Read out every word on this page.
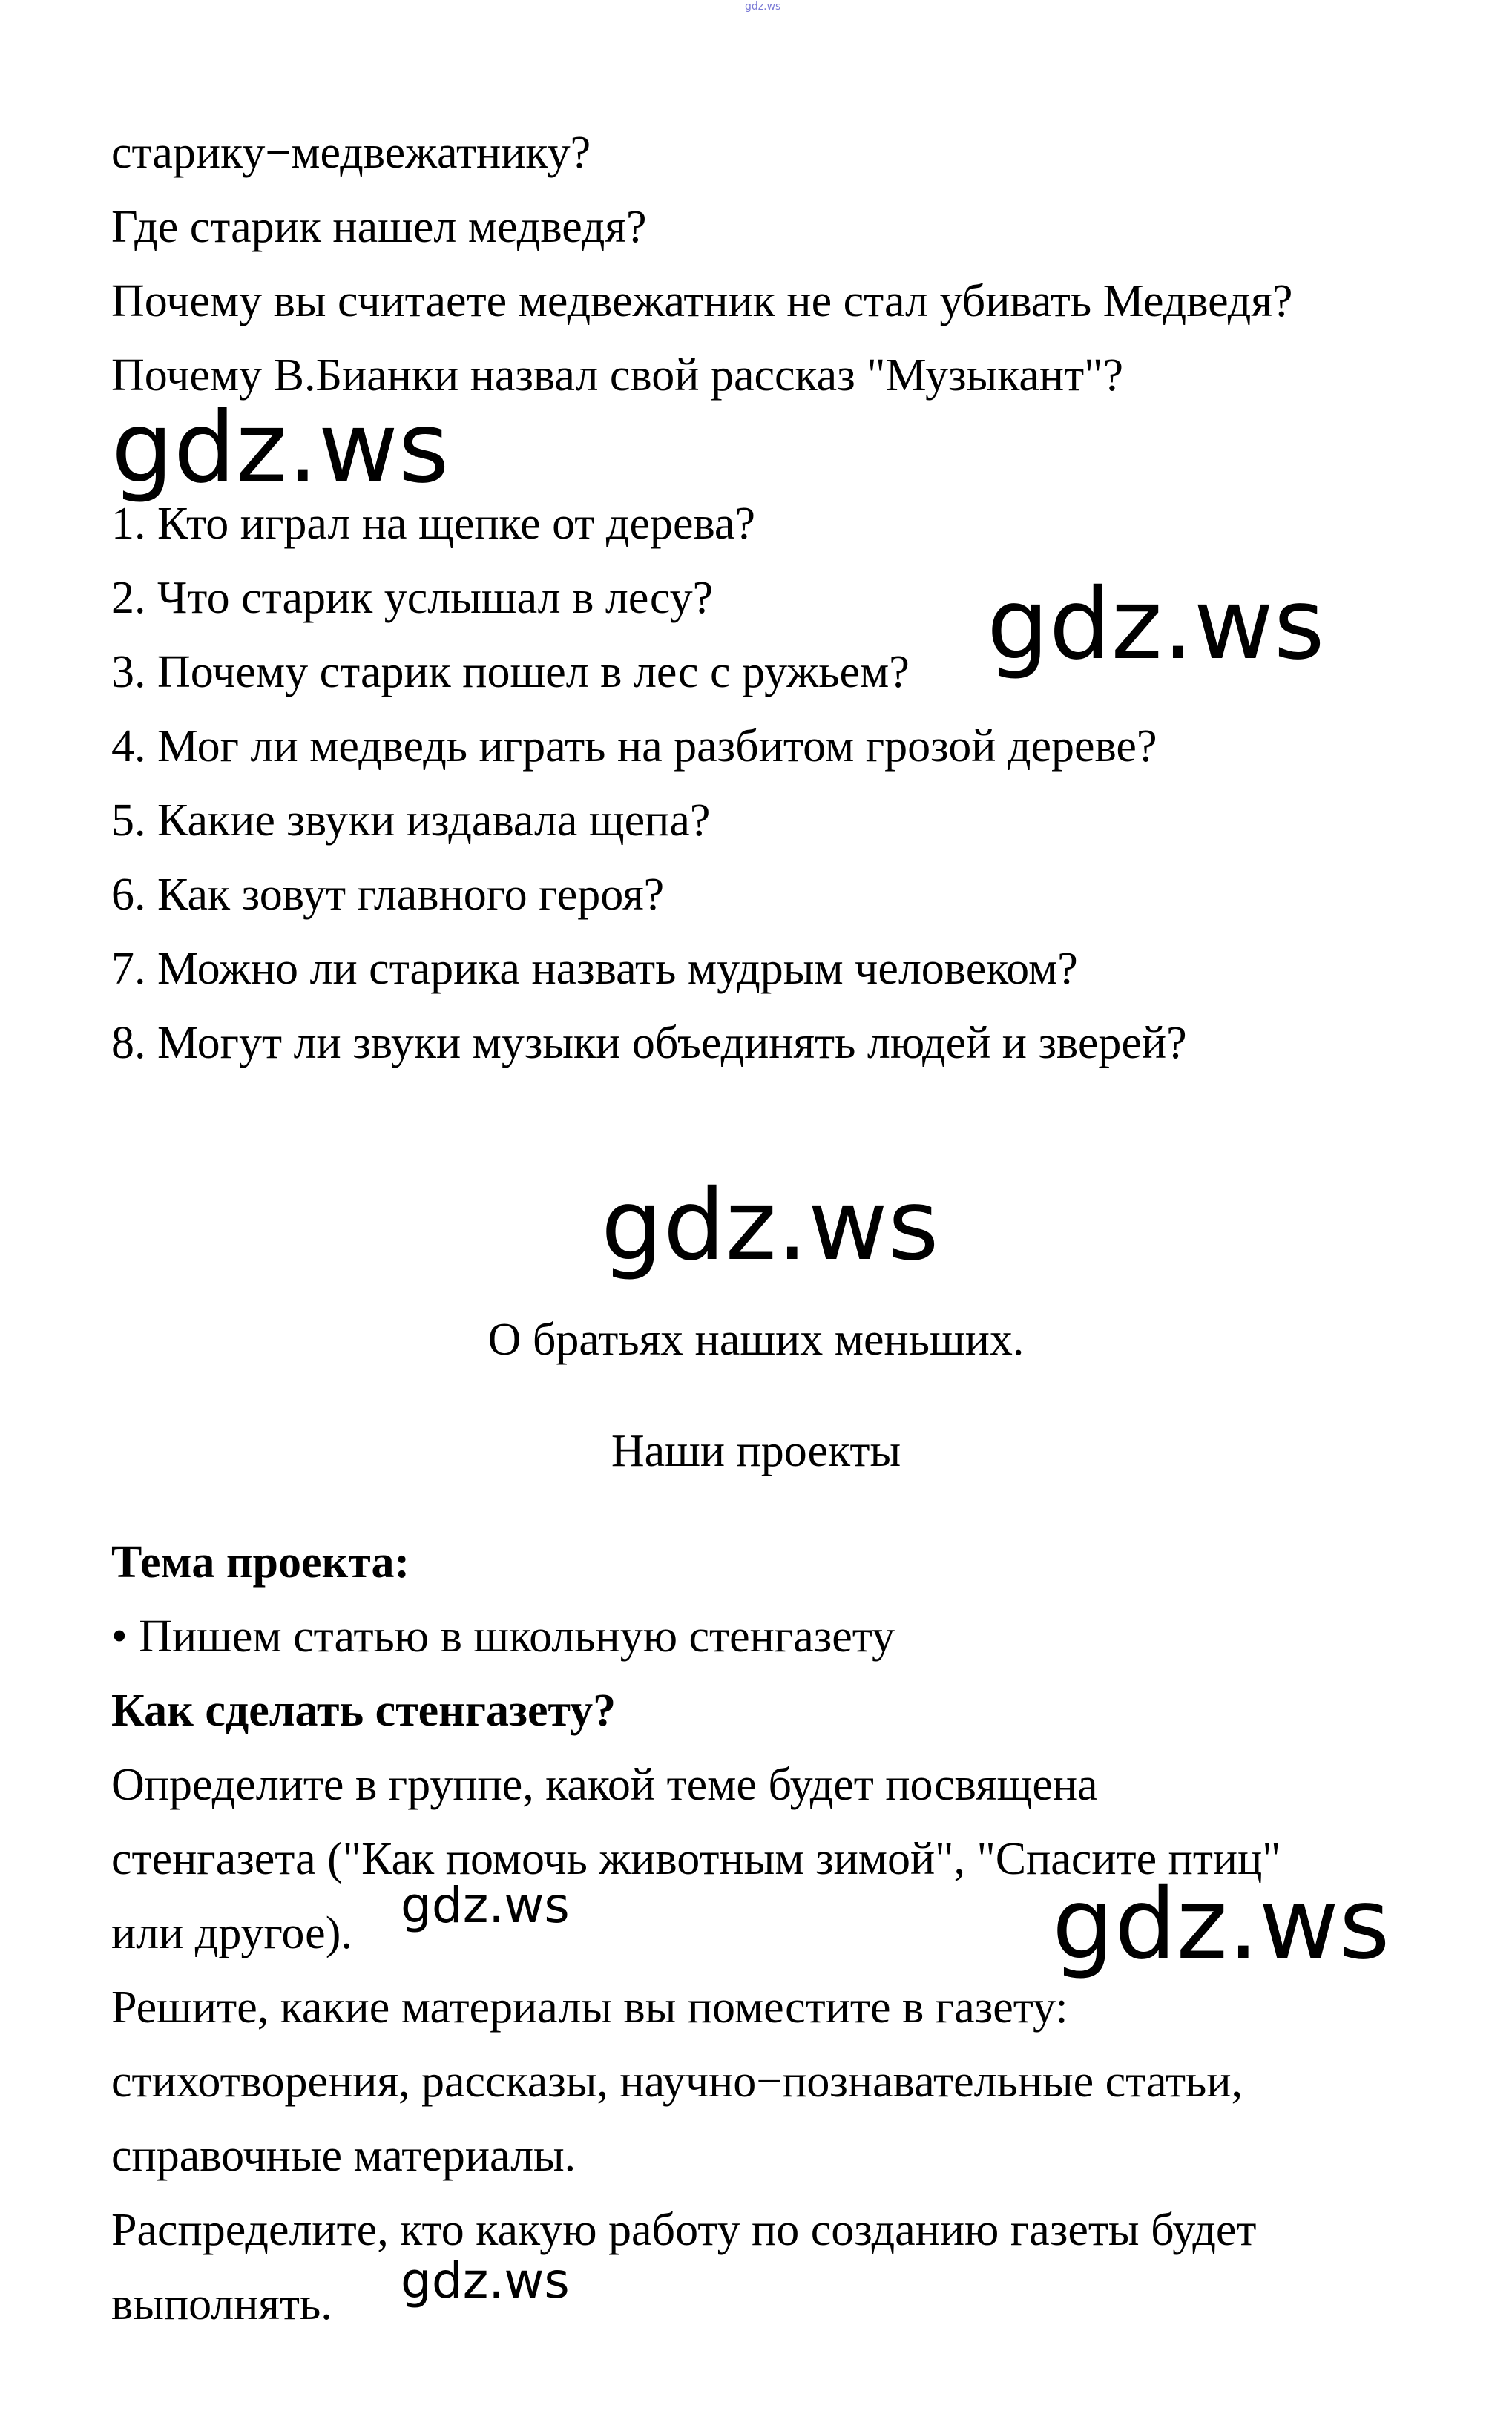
gdz.ws
старику−медвежатнику?
Где старик нашел медведя?
Почему вы считаете медвежатник не стал убивать Медведя?
Почему В.Бианки назвал свой рассказ "Музыкант"?
gdz.ws
1. Кто играл на щепке от дерева?
2. Что старик услышал в лесу?
3. Почему старик пошел в лес с ружьем?
4. Мог ли медведь играть на разбитом грозой дереве?
5. Какие звуки издавала щепа?
6. Как зовут главного героя?
7. Можно ли старика назвать мудрым человеком?
8. Могут ли звуки музыки объединять людей и зверей?
gdz.ws
gdz.ws
О братьях наших меньших.
Наши проекты
Тема проекта:
• Пишем статью в школьную стенгазету
Как сделать стенгазету?
Определите в группе, какой теме будет посвящена
стенгазета ("Как помочь животным зимой", "Спасите птиц"
или другое).
Решите, какие материалы вы поместите в газету:
стихотворения, рассказы, научно−познавательные статьи,
справочные материалы.
Распределите, кто какую работу по созданию газеты будет
выполнять.
gdz.ws	gdz.ws
gdz.ws
